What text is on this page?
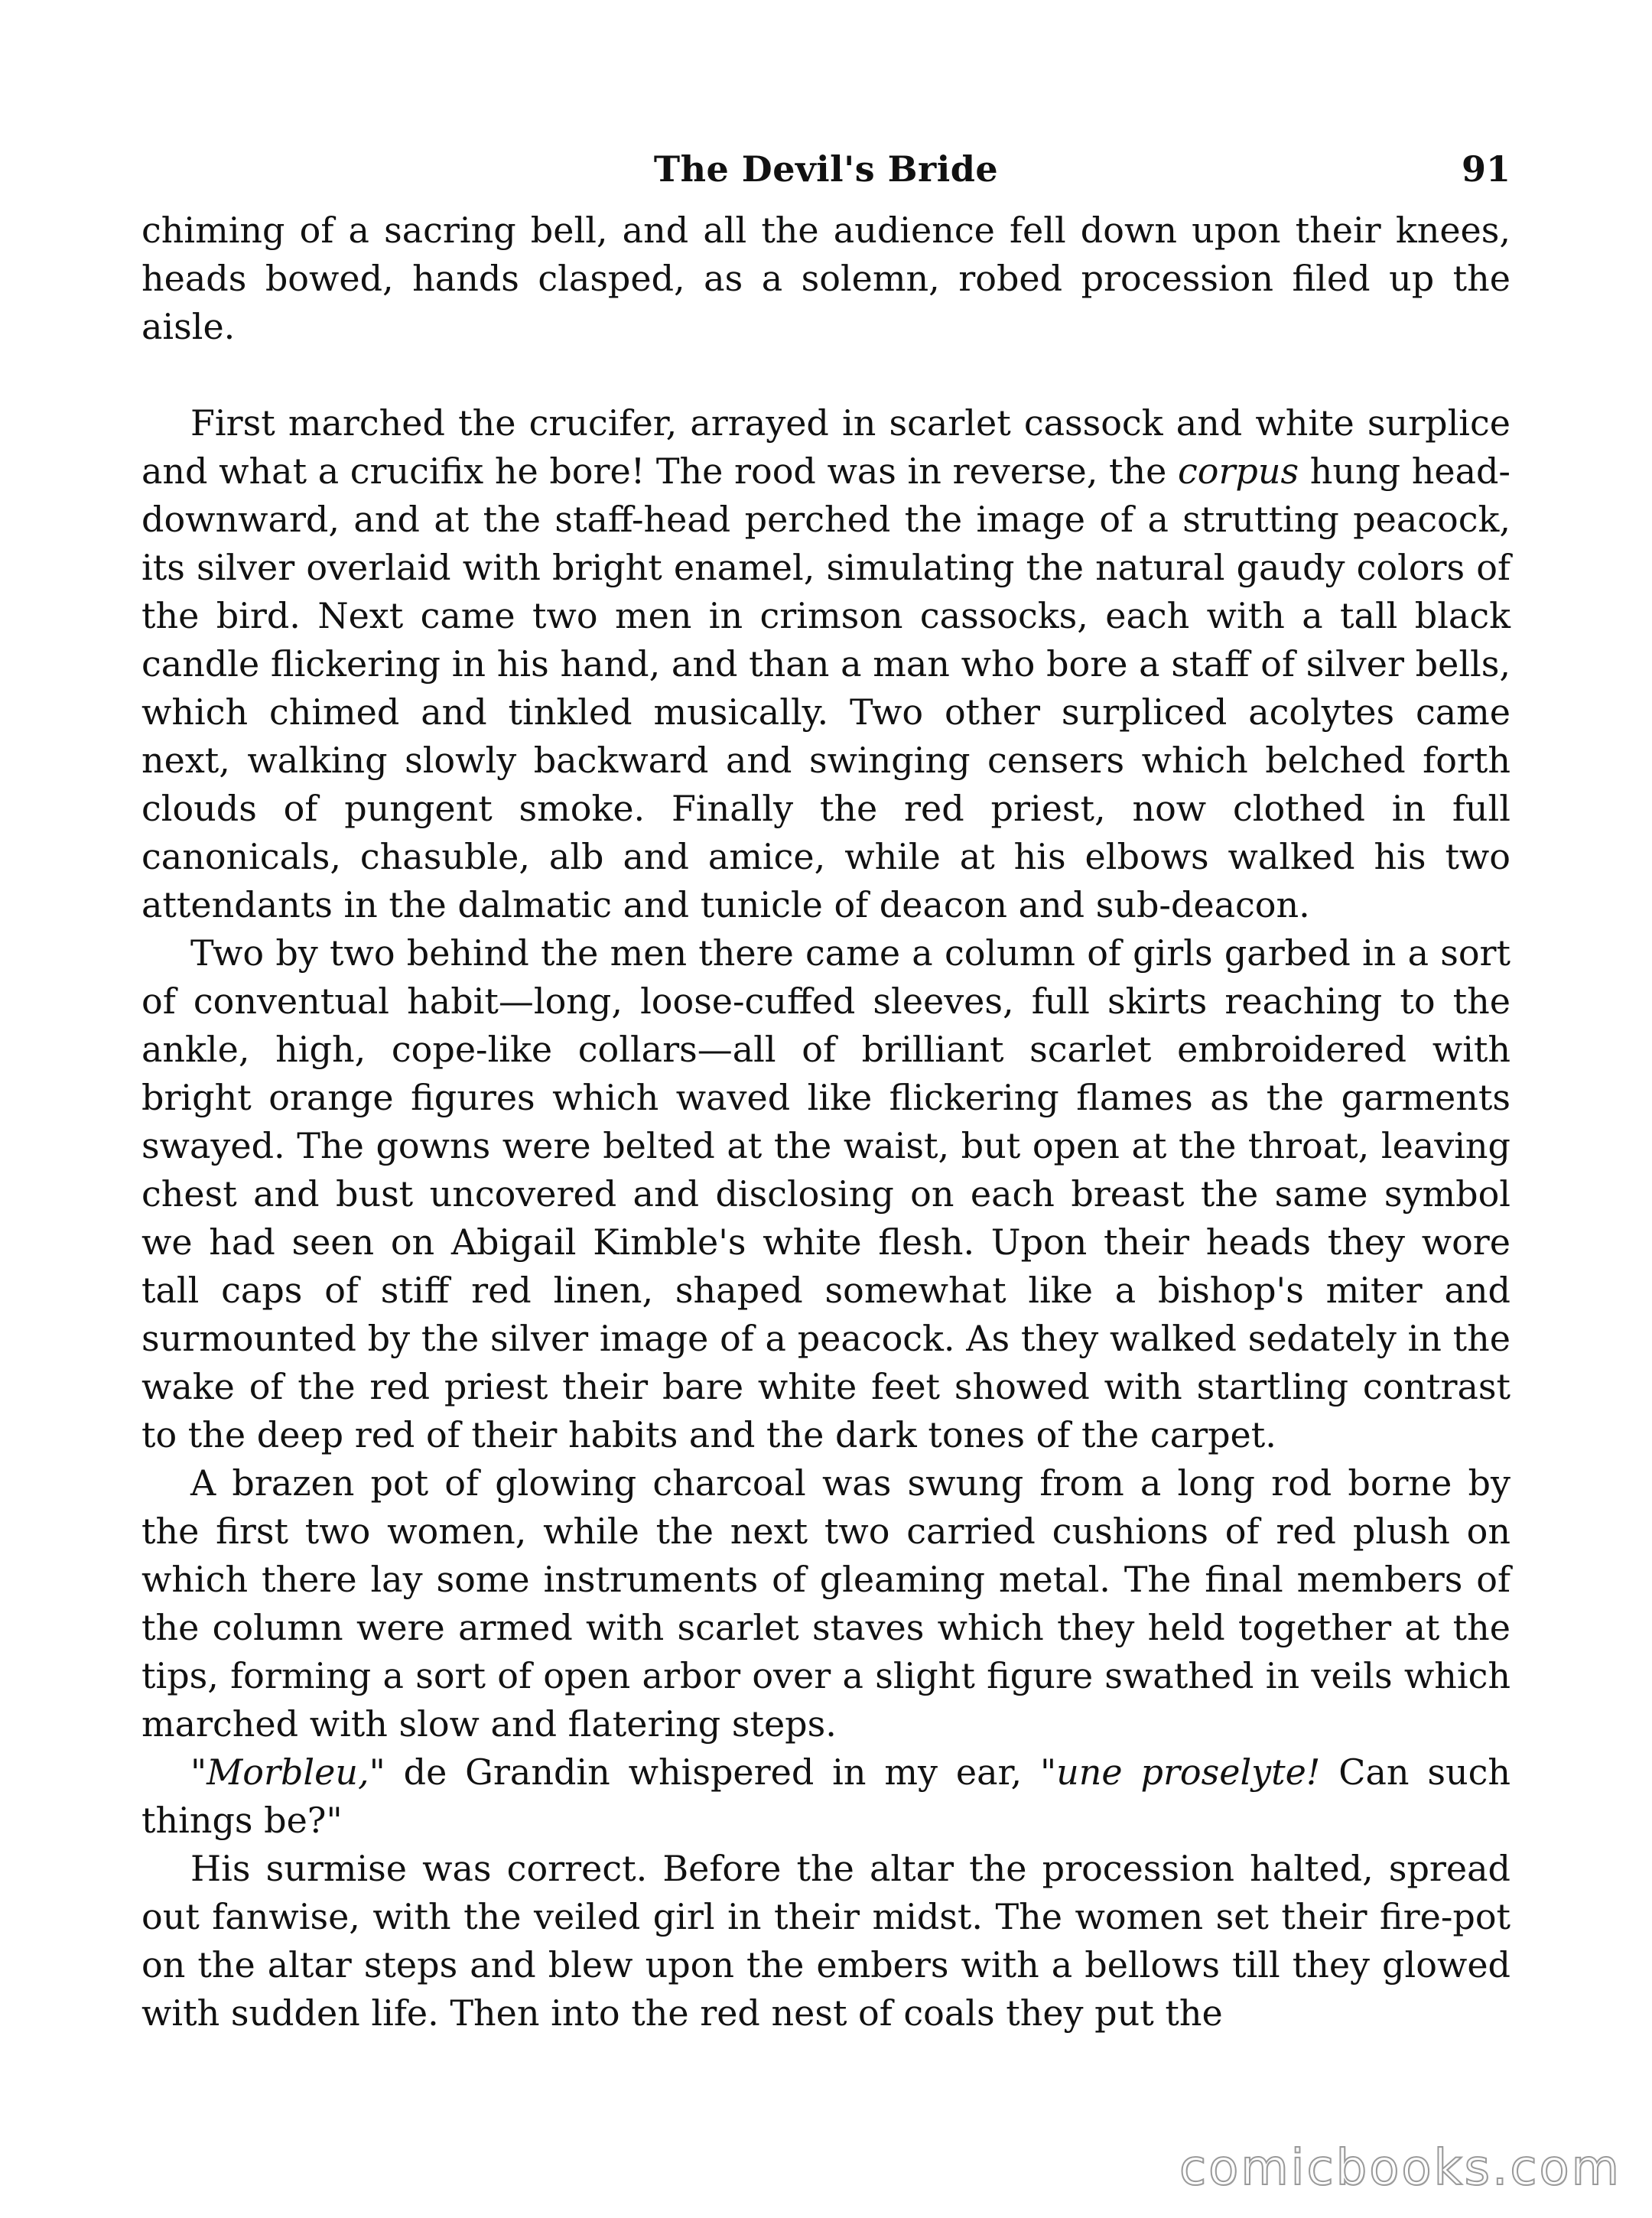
The Devil's Bride	91

chiming of a sacring bell, and all the audience fell down upon their knees, heads bowed, hands clasped, as a solemn, robed procession filed up the aisle.

First marched the crucifer, arrayed in scarlet cassock and white surplice and what a crucifix he bore! The rood was in reverse, the corpus hung head-downward, and at the staff-head perched the image of a strutting peacock, its silver overlaid with bright enamel, simulating the natural gaudy colors of the bird. Next came two men in crimson cassocks, each with a tall black candle flickering in his hand, and than a man who bore a staff of silver bells, which chimed and tinkled musically. Two other surpliced acolytes came next, walking slowly backward and swinging censers which belched forth clouds of pungent smoke. Finally the red priest, now clothed in full canonicals, chasuble, alb and amice, while at his elbows walked his two attendants in the dalmatic and tunicle of deacon and sub-deacon.

Two by two behind the men there came a column of girls garbed in a sort of conventual habit—long, loose-cuffed sleeves, full skirts reaching to the ankle, high, cope-like collars—all of brilliant scarlet embroidered with bright orange figures which waved like flickering flames as the garments swayed. The gowns were belted at the waist, but open at the throat, leaving chest and bust uncovered and disclosing on each breast the same symbol we had seen on Abigail Kimble's white flesh. Upon their heads they wore tall caps of stiff red linen, shaped somewhat like a bishop's miter and surmounted by the silver image of a peacock. As they walked sedately in the wake of the red priest their bare white feet showed with startling contrast to the deep red of their habits and the dark tones of the carpet.

A brazen pot of glowing charcoal was swung from a long rod borne by the first two women, while the next two carried cushions of red plush on which there lay some instruments of gleaming metal. The final members of the column were armed with scarlet staves which they held together at the tips, forming a sort of open arbor over a slight figure swathed in veils which marched with slow and flatering steps.

"Morbleu," de Grandin whispered in my ear, "une proselyte! Can such things be?"

His surmise was correct. Before the altar the procession halted, spread out fanwise, with the veiled girl in their midst. The women set their fire-pot on the altar steps and blew upon the embers with a bellows till they glowed with sudden life. Then into the red nest of coals they put the

comicbooks.com
